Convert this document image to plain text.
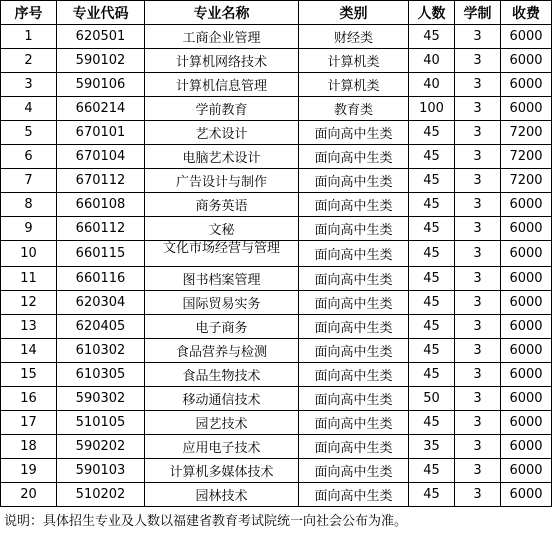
序号	专业代码	专业名称	类别	人数	学制	收费
1	620501	工商企业管理	财经类	45	3	6000
2	590102	计算机网络技术	计算机类	40	3	6000
3	590106	计算机信息管理	计算机类	40	3	6000
4	660214	学前教育	教育类	100	3	6000
5	670101	艺术设计	面向高中生类	45	3	7200
6	670104	电脑艺术设计	面向高中生类	45	3	7200
7	670112	广告设计与制作	面向高中生类	45	3	7200
8	660108	商务英语	面向高中生类	45	3	6000
9	660112	文秘	面向高中生类	45	3	6000
10	660115	文化市场经营与管理	面向高中生类	45	3	6000
11	660116	图书档案管理	面向高中生类	45	3	6000
12	620304	国际贸易实务	面向高中生类	45	3	6000
13	620405	电子商务	面向高中生类	45	3	6000
14	610302	食品营养与检测	面向高中生类	45	3	6000
15	610305	食品生物技术	面向高中生类	45	3	6000
16	590302	移动通信技术	面向高中生类	50	3	6000
17	510105	园艺技术	面向高中生类	45	3	6000
18	590202	应用电子技术	面向高中生类	35	3	6000
19	590103	计算机多媒体技术	面向高中生类	45	3	6000
20	510202	园林技术	面向高中生类	45	3	6000
说明：具体招生专业及人数以福建省教育考试院统一向社会公布为准。
